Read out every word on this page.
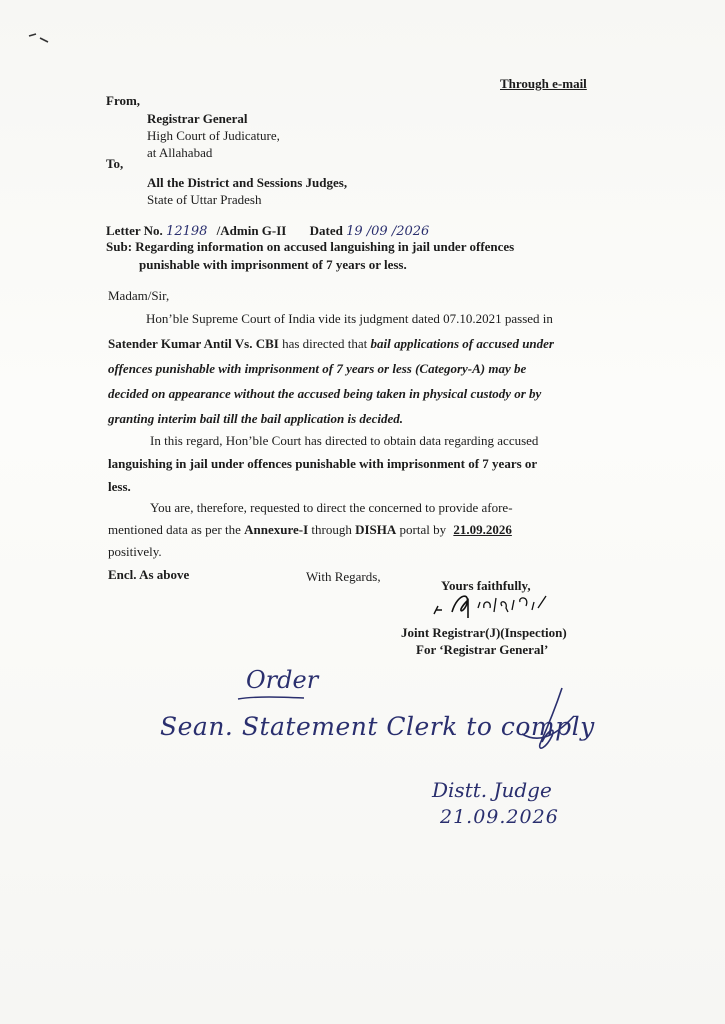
Through e-mail
From,
Registrar General
High Court of Judicature,
at Allahabad
To,
All the District and Sessions Judges,
State of Uttar Pradesh
Letter No. 12198 /Admin G-II Dated 19 /09 /2026
Sub: Regarding information on accused languishing in jail under offences
punishable with imprisonment of 7 years or less.
Madam/Sir,
Hon’ble Supreme Court of India vide its judgment dated 07.10.2021 passed in
Satender Kumar Antil Vs. CBI has directed that bail applications of accused under
offences punishable with imprisonment of 7 years or less (Category-A) may be
decided on appearance without the accused being taken in physical custody or by
granting interim bail till the bail application is decided.
In this regard, Hon’ble Court has directed to obtain data regarding accused
languishing in jail under offences punishable with imprisonment of 7 years or
less.
You are, therefore, requested to direct the concerned to provide afore-
mentioned data as per the Annexure-I through DISHA portal by 21.09.2026
positively.
Encl. As above	With Regards,
Yours faithfully,
Joint Registrar(J)(Inspection)
For ‘Registrar General’
Order
Sean. Statement Clerk to comply
Distt. Judge
21.09.2026
